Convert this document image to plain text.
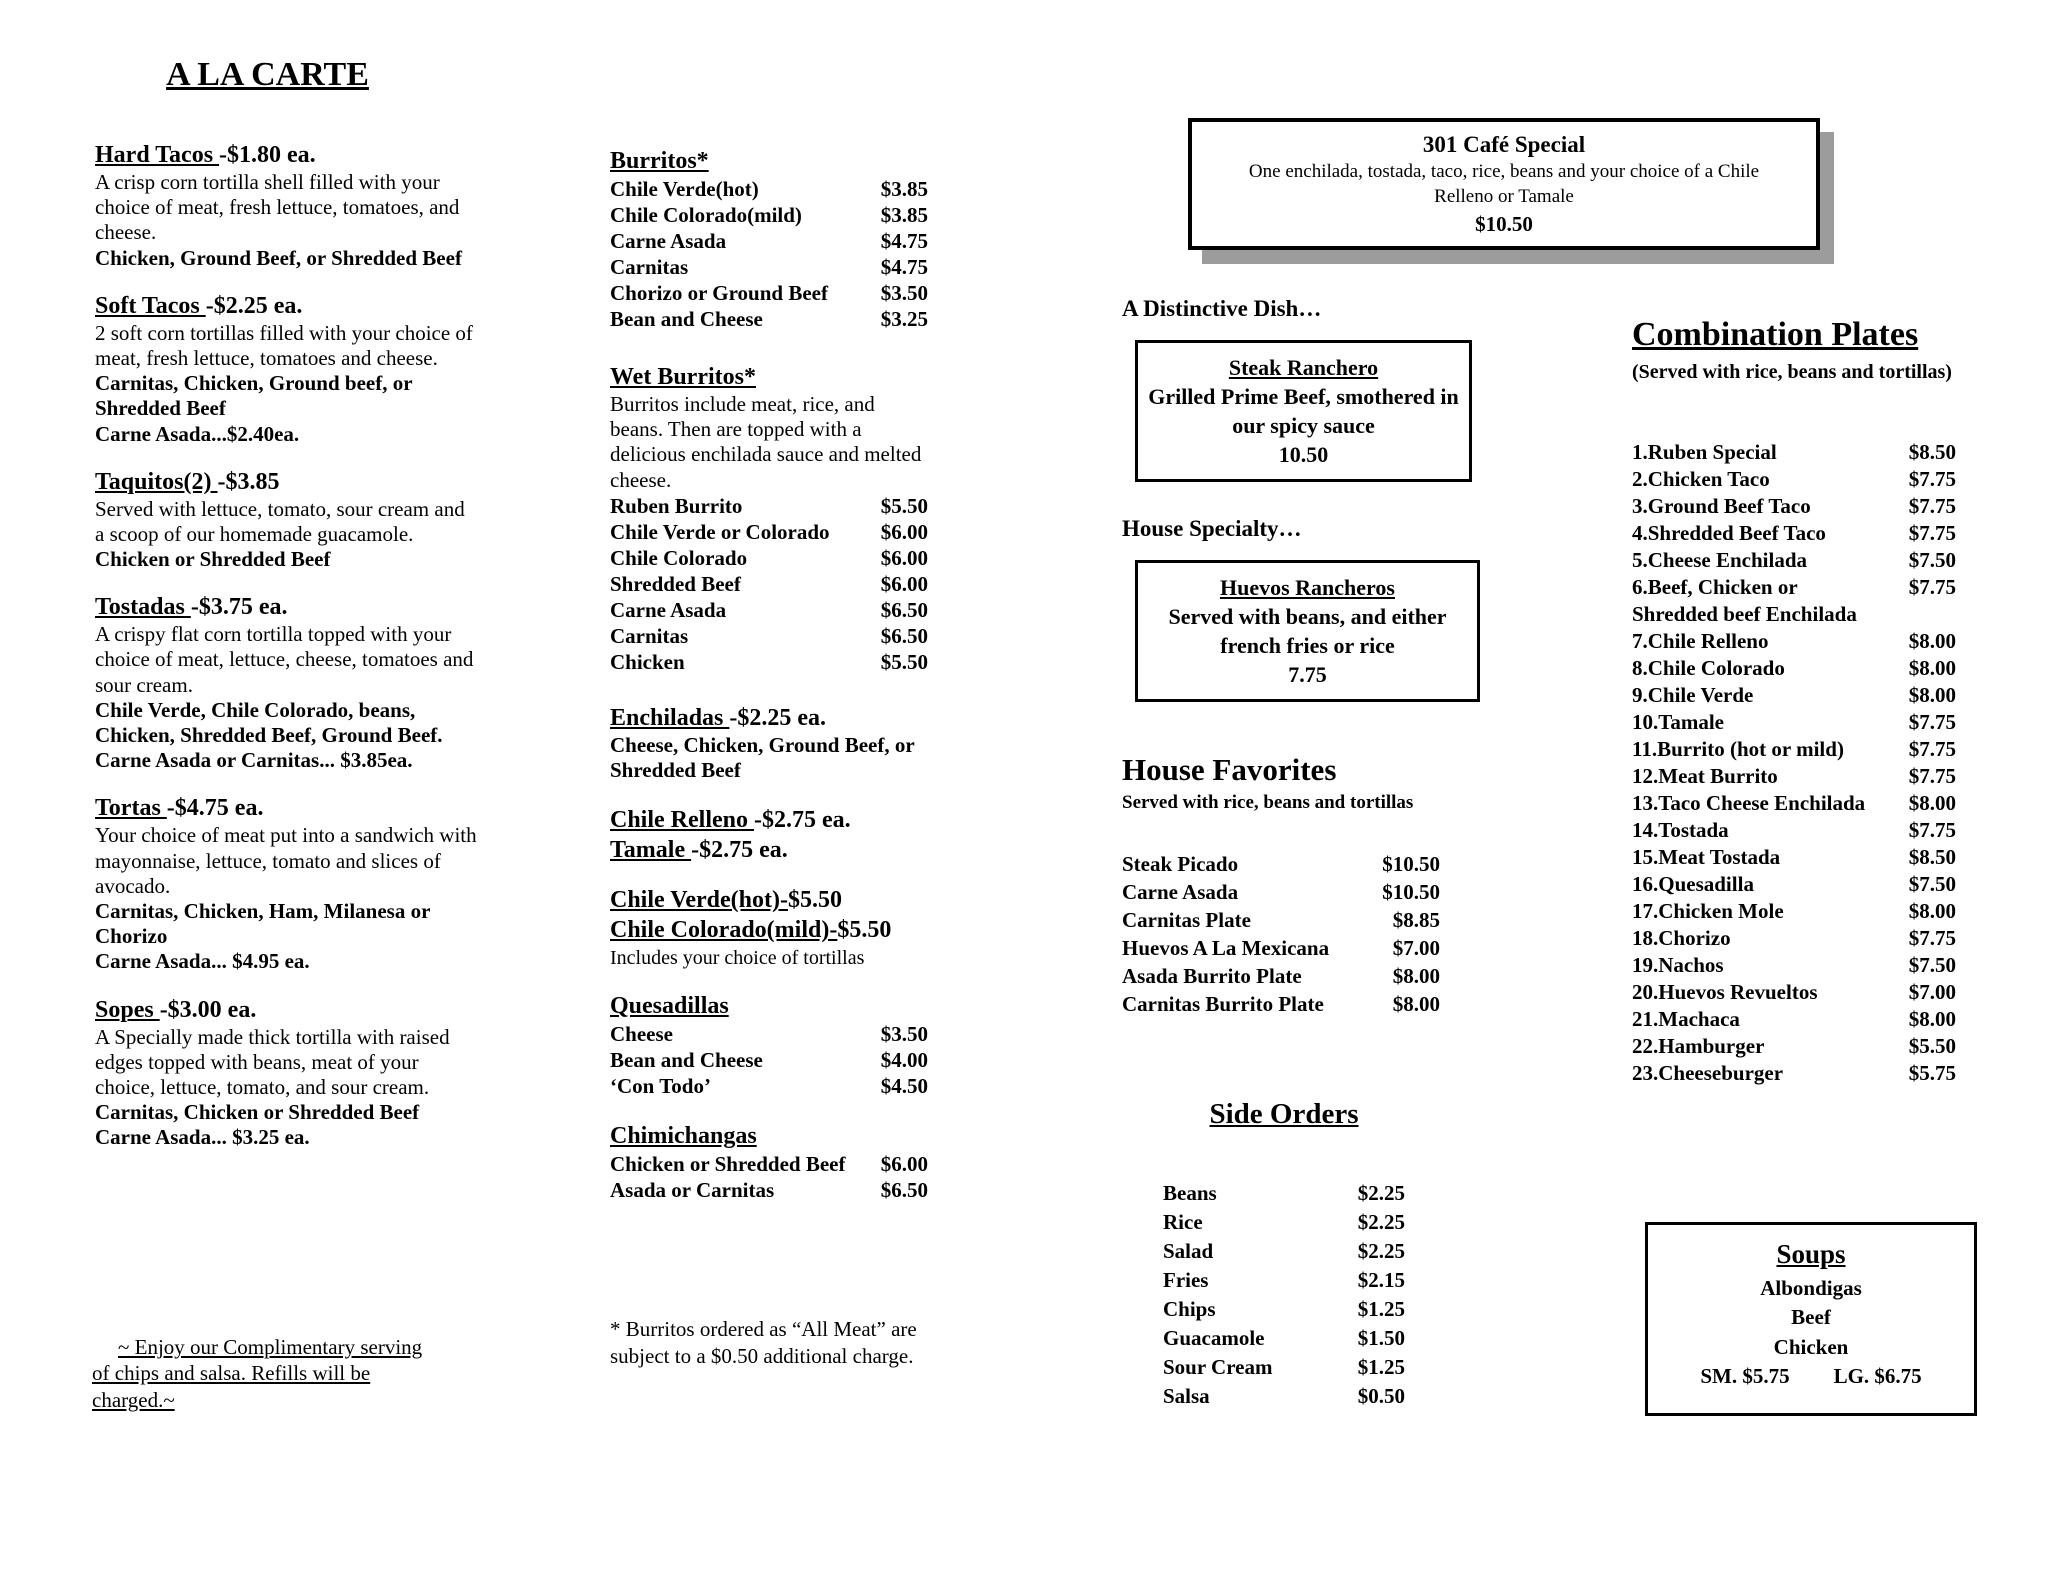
A LA CARTE
Hard Tacos -$1.80 ea.

A crisp corn tortilla shell filled with your choice of meat, fresh lettuce, tomatoes, and cheese.

Chicken, Ground Beef, or Shredded Beef

Soft Tacos -$2.25 ea.

2 soft corn tortillas filled with your choice of meat, fresh lettuce, tomatoes and cheese.

Carnitas, Chicken, Ground beef, or Shredded Beef

Carne Asada...$2.40ea.

Taquitos(2) -$3.85

Served with lettuce, tomato, sour cream and a scoop of our homemade guacamole.

Chicken or Shredded Beef

Tostadas -$3.75 ea.

A crispy flat corn tortilla topped with your choice of meat, lettuce, cheese, tomatoes and sour cream.

Chile Verde, Chile Colorado, beans, Chicken, Shredded Beef, Ground Beef.

Carne Asada or Carnitas... $3.85ea.

Tortas -$4.75 ea.

Your choice of meat put into a sandwich with mayonnaise, lettuce, tomato and slices of avocado.

Carnitas, Chicken, Ham, Milanesa or Chorizo

Carne Asada... $4.95 ea.

Sopes -$3.00 ea.

A Specially made thick tortilla with raised edges topped with beans, meat of your choice, lettuce, tomato, and sour cream.

Carnitas, Chicken or Shredded Beef

Carne Asada... $3.25 ea.

~ Enjoy our Complimentary serving of chips and salsa. Refills will be charged.~
Burritos*
Chile Verde(hot)	$3.85
Chile Colorado(mild)	$3.85
Carne Asada	$4.75
Carnitas	$4.75
Chorizo or Ground Beef	$3.50
Bean and Cheese	$3.25
Wet Burritos*

Burritos include meat, rice, and beans. Then are topped with a delicious enchilada sauce and melted cheese.

Ruben Burrito	$5.50
Chile Verde or Colorado $6.00
Chile Colorado	$6.00
Shredded Beef	$6.00
Carne Asada	$6.50
Carnitas	$6.50
Chicken	$5.50
Enchiladas -$2.25 ea.

Cheese, Chicken, Ground Beef, or Shredded Beef

Chile Relleno -$2.75 ea.
Tamale -$2.75 ea.
Chile Verde(hot)-$5.50
Chile Colorado(mild)-$5.50

Includes your choice of tortillas

Quesadillas
Cheese	$3.50
Bean and Cheese	$4.00
‘Con Todo’	$4.50
Chimichangas
Chicken or Shredded Beef $6.00
Asada or Carnitas	$6.50
* Burritos ordered as “All Meat” are subject to a $0.50 additional charge.

301 Café Special

One enchilada, tostada, taco, rice, beans and your choice of a Chile Relleno or Tamale

$10.50

A Distinctive Dish…
Steak Ranchero
Grilled Prime Beef, smothered in our spicy sauce
10.50
House Specialty…
Huevos Rancheros
Served with beans, and either french fries or rice
7.75
House Favorites

Served with rice, beans and tortillas

Steak Picado	$10.50
Carne Asada	$10.50
Carnitas Plate	$8.85
Huevos A La Mexicana	$7.00
Asada Burrito Plate	$8.00
Carnitas Burrito Plate	$8.00
Side Orders
Beans	$2.25
Rice	$2.25
Salad	$2.25
Fries	$2.15
Chips	$1.25
Guacamole	$1.50
Sour Cream	$1.25
Salsa	$0.50
Combination Plates

(Served with rice, beans and tortillas)

1.Ruben Special	$8.50
2.Chicken Taco	$7.75
3.Ground Beef Taco	$7.75
4.Shredded Beef Taco	$7.75
5.Cheese Enchilada	$7.50
6.Beef, Chicken or	$7.75
Shredded beef Enchilada
7.Chile Relleno	$8.00
8.Chile Colorado	$8.00
9.Chile Verde	$8.00
10.Tamale	$7.75
11.Burrito (hot or mild)	$7.75
12.Meat Burrito	$7.75
13.Taco Cheese Enchilada $8.00
14.Tostada	$7.75
15.Meat Tostada	$8.50
16.Quesadilla	$7.50
17.Chicken Mole	$8.00
18.Chorizo	$7.75
19.Nachos	$7.50
20.Huevos Revueltos	$7.00
21.Machaca	$8.00
22.Hamburger	$5.50
23.Cheeseburger	$5.75
Soups
Albondigas
Beef
Chicken
SM. $5.75 LG. $6.75
